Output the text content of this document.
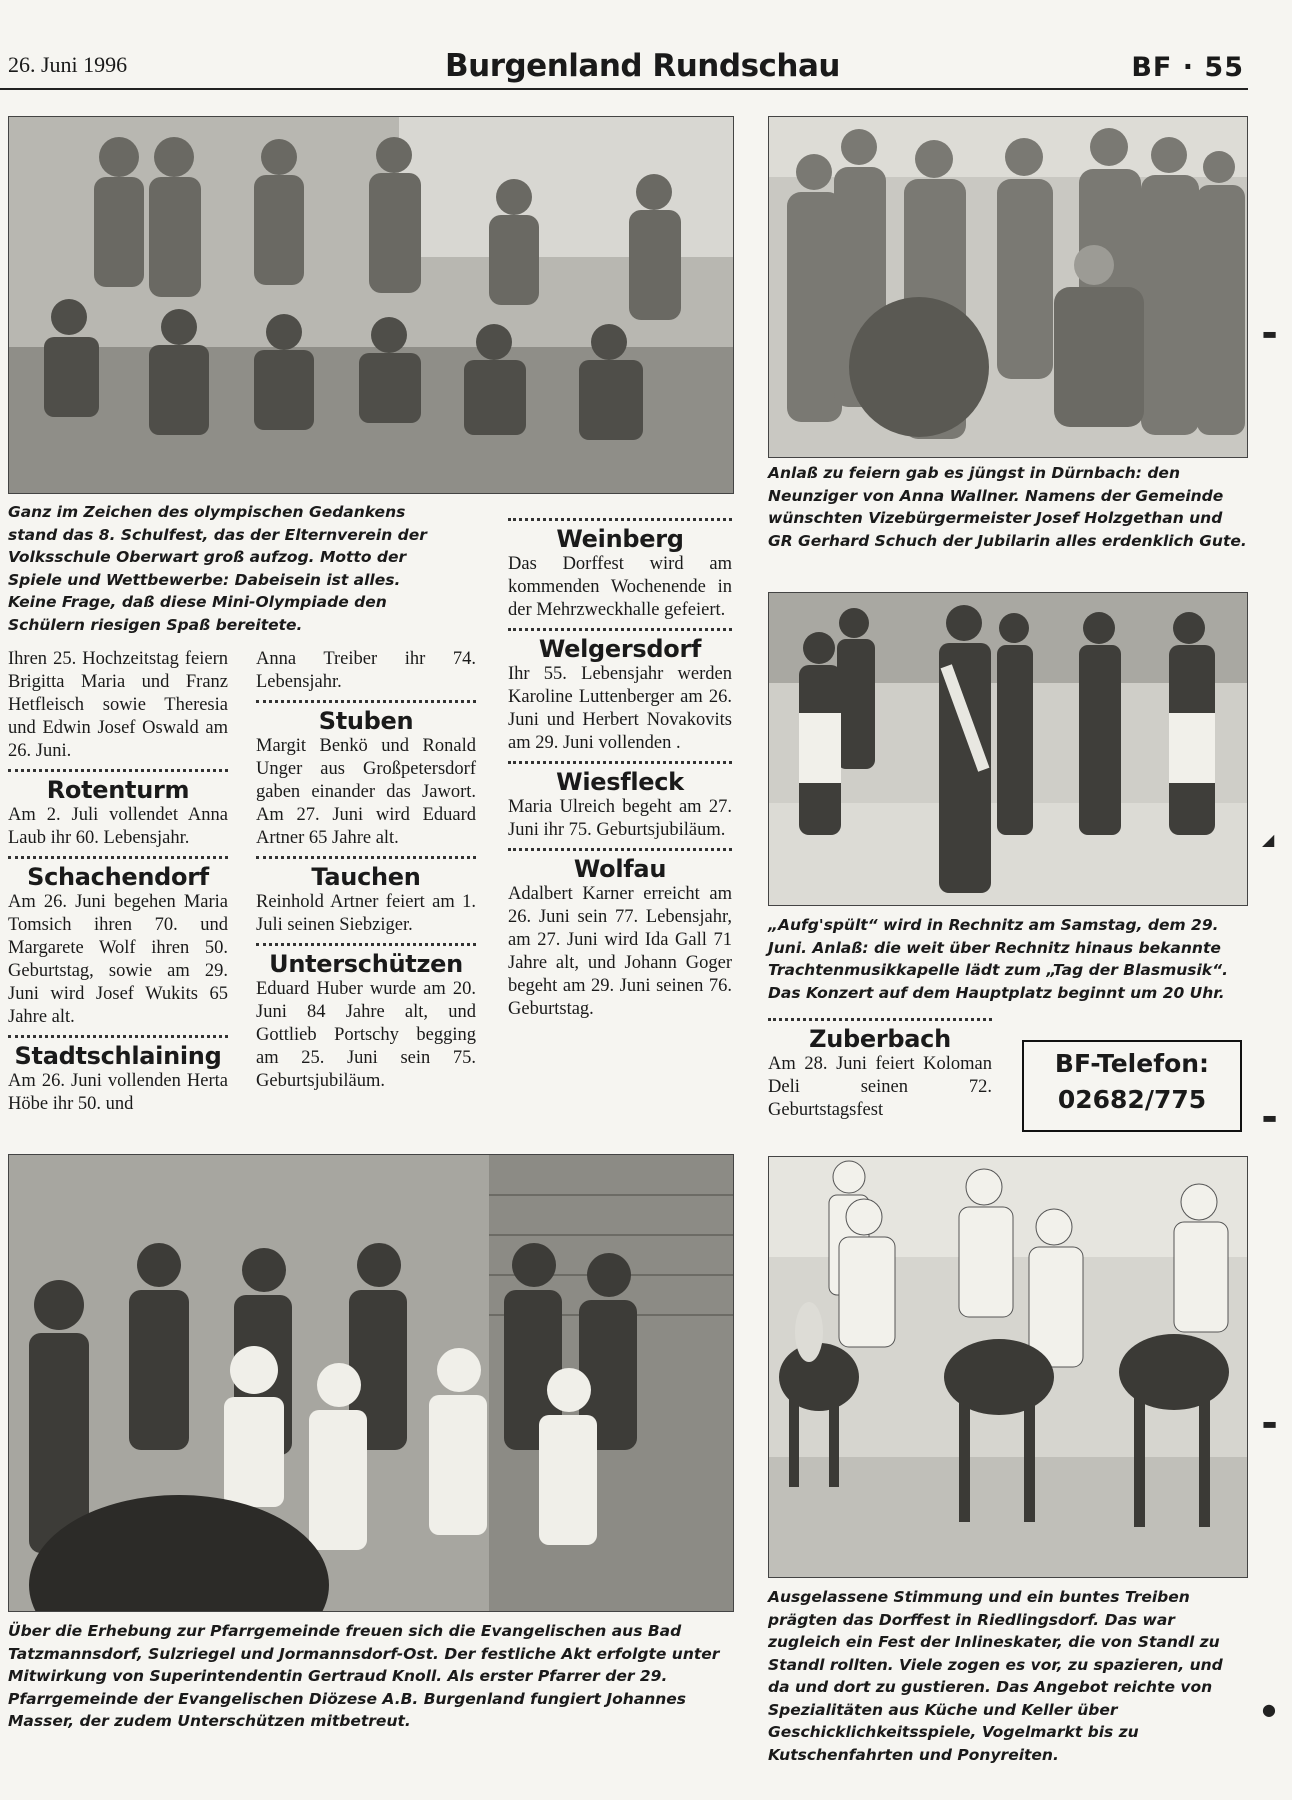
26. Juni 1996	Burgenland Rundschau	BF · 55

Ganz im Zeichen des olympischen Gedankens stand das 8. Schulfest, das der Elternverein der Volksschule Oberwart groß aufzog. Motto der Spiele und Wettbewerbe: Dabeisein ist alles. Keine Frage, daß diese Mini-Olympiade den Schülern riesigen Spaß bereitete.

Anlaß zu feiern gab es jüngst in Dürnbach: den Neunziger von Anna Wallner. Namens der Gemeinde wünschten Vizebürgermeister Josef Holzgethan und GR Gerhard Schuch der Jubilarin alles erdenklich Gute.

„Aufg'spült“ wird in Rechnitz am Samstag, dem 29. Juni. Anlaß: die weit über Rechnitz hinaus bekannte Trachtenmusikkapelle lädt zum „Tag der Blasmusik“. Das Konzert auf dem Hauptplatz beginnt um 20 Uhr.

Ihren 25. Hochzeitstag feiern Brigitta Maria und Franz Hetfleisch sowie Theresia und Edwin Josef Oswald am 26. Juni.

Rotenturm

Am 2. Juli vollendet Anna Laub ihr 60. Lebensjahr.

Schachendorf

Am 26. Juni begehen Maria Tomsich ihren 70. und Margarete Wolf ihren 50. Geburtstag, sowie am 29. Juni wird Josef Wukits 65 Jahre alt.

Stadtschlaining

Am 26. Juni vollenden Herta Höbe ihr 50. und

Anna Treiber ihr 74. Lebensjahr.

Stuben

Margit Benkö und Ronald Unger aus Großpetersdorf gaben einander das Jawort. Am 27. Juni wird Eduard Artner 65 Jahre alt.

Tauchen

Reinhold Artner feiert am 1. Juli seinen Siebziger.

Unterschützen

Eduard Huber wurde am 20. Juni 84 Jahre alt, und Gottlieb Portschy begging am 25. Juni sein 75. Geburtsjubiläum.

Weinberg

Das Dorffest wird am kommenden Wochenende in der Mehrzweckhalle gefeiert.

Welgersdorf

Ihr 55. Lebensjahr werden Karoline Luttenberger am 26. Juni und Herbert Novakovits am 29. Juni vollenden .

Wiesfleck

Maria Ulreich begeht am 27. Juni ihr 75. Geburtsjubiläum.

Wolfau

Adalbert Karner erreicht am 26. Juni sein 77. Lebensjahr, am 27. Juni wird Ida Gall 71 Jahre alt, und Johann Goger begeht am 29. Juni seinen 76. Geburtstag.

Zuberbach

Am 28. Juni feiert Koloman Deli seinen 72. Geburtstagsfest

BF-Telefon:
02682/775

Über die Erhebung zur Pfarrgemeinde freuen sich die Evangelischen aus Bad Tatzmannsdorf, Sulzriegel und Jormannsdorf-Ost. Der festliche Akt erfolgte unter Mitwirkung von Superintendentin Gertraud Knoll. Als erster Pfarrer der 29. Pfarrgemeinde der Evangelischen Diözese A.B. Burgenland fungiert Johannes Masser, der zudem Unterschützen mitbetreut.

Ausgelassene Stimmung und ein buntes Treiben prägten das Dorffest in Riedlingsdorf. Das war zugleich ein Fest der Inlineskater, die von Standl zu Standl rollten. Viele zogen es vor, zu spazieren, und da und dort zu gustieren. Das Angebot reichte von Spezialitäten aus Küche und Keller über Geschicklichkeitsspiele, Vogelmarkt bis zu Kutschenfahrten und Ponyreiten.

▬
◢
▬
▬
●
